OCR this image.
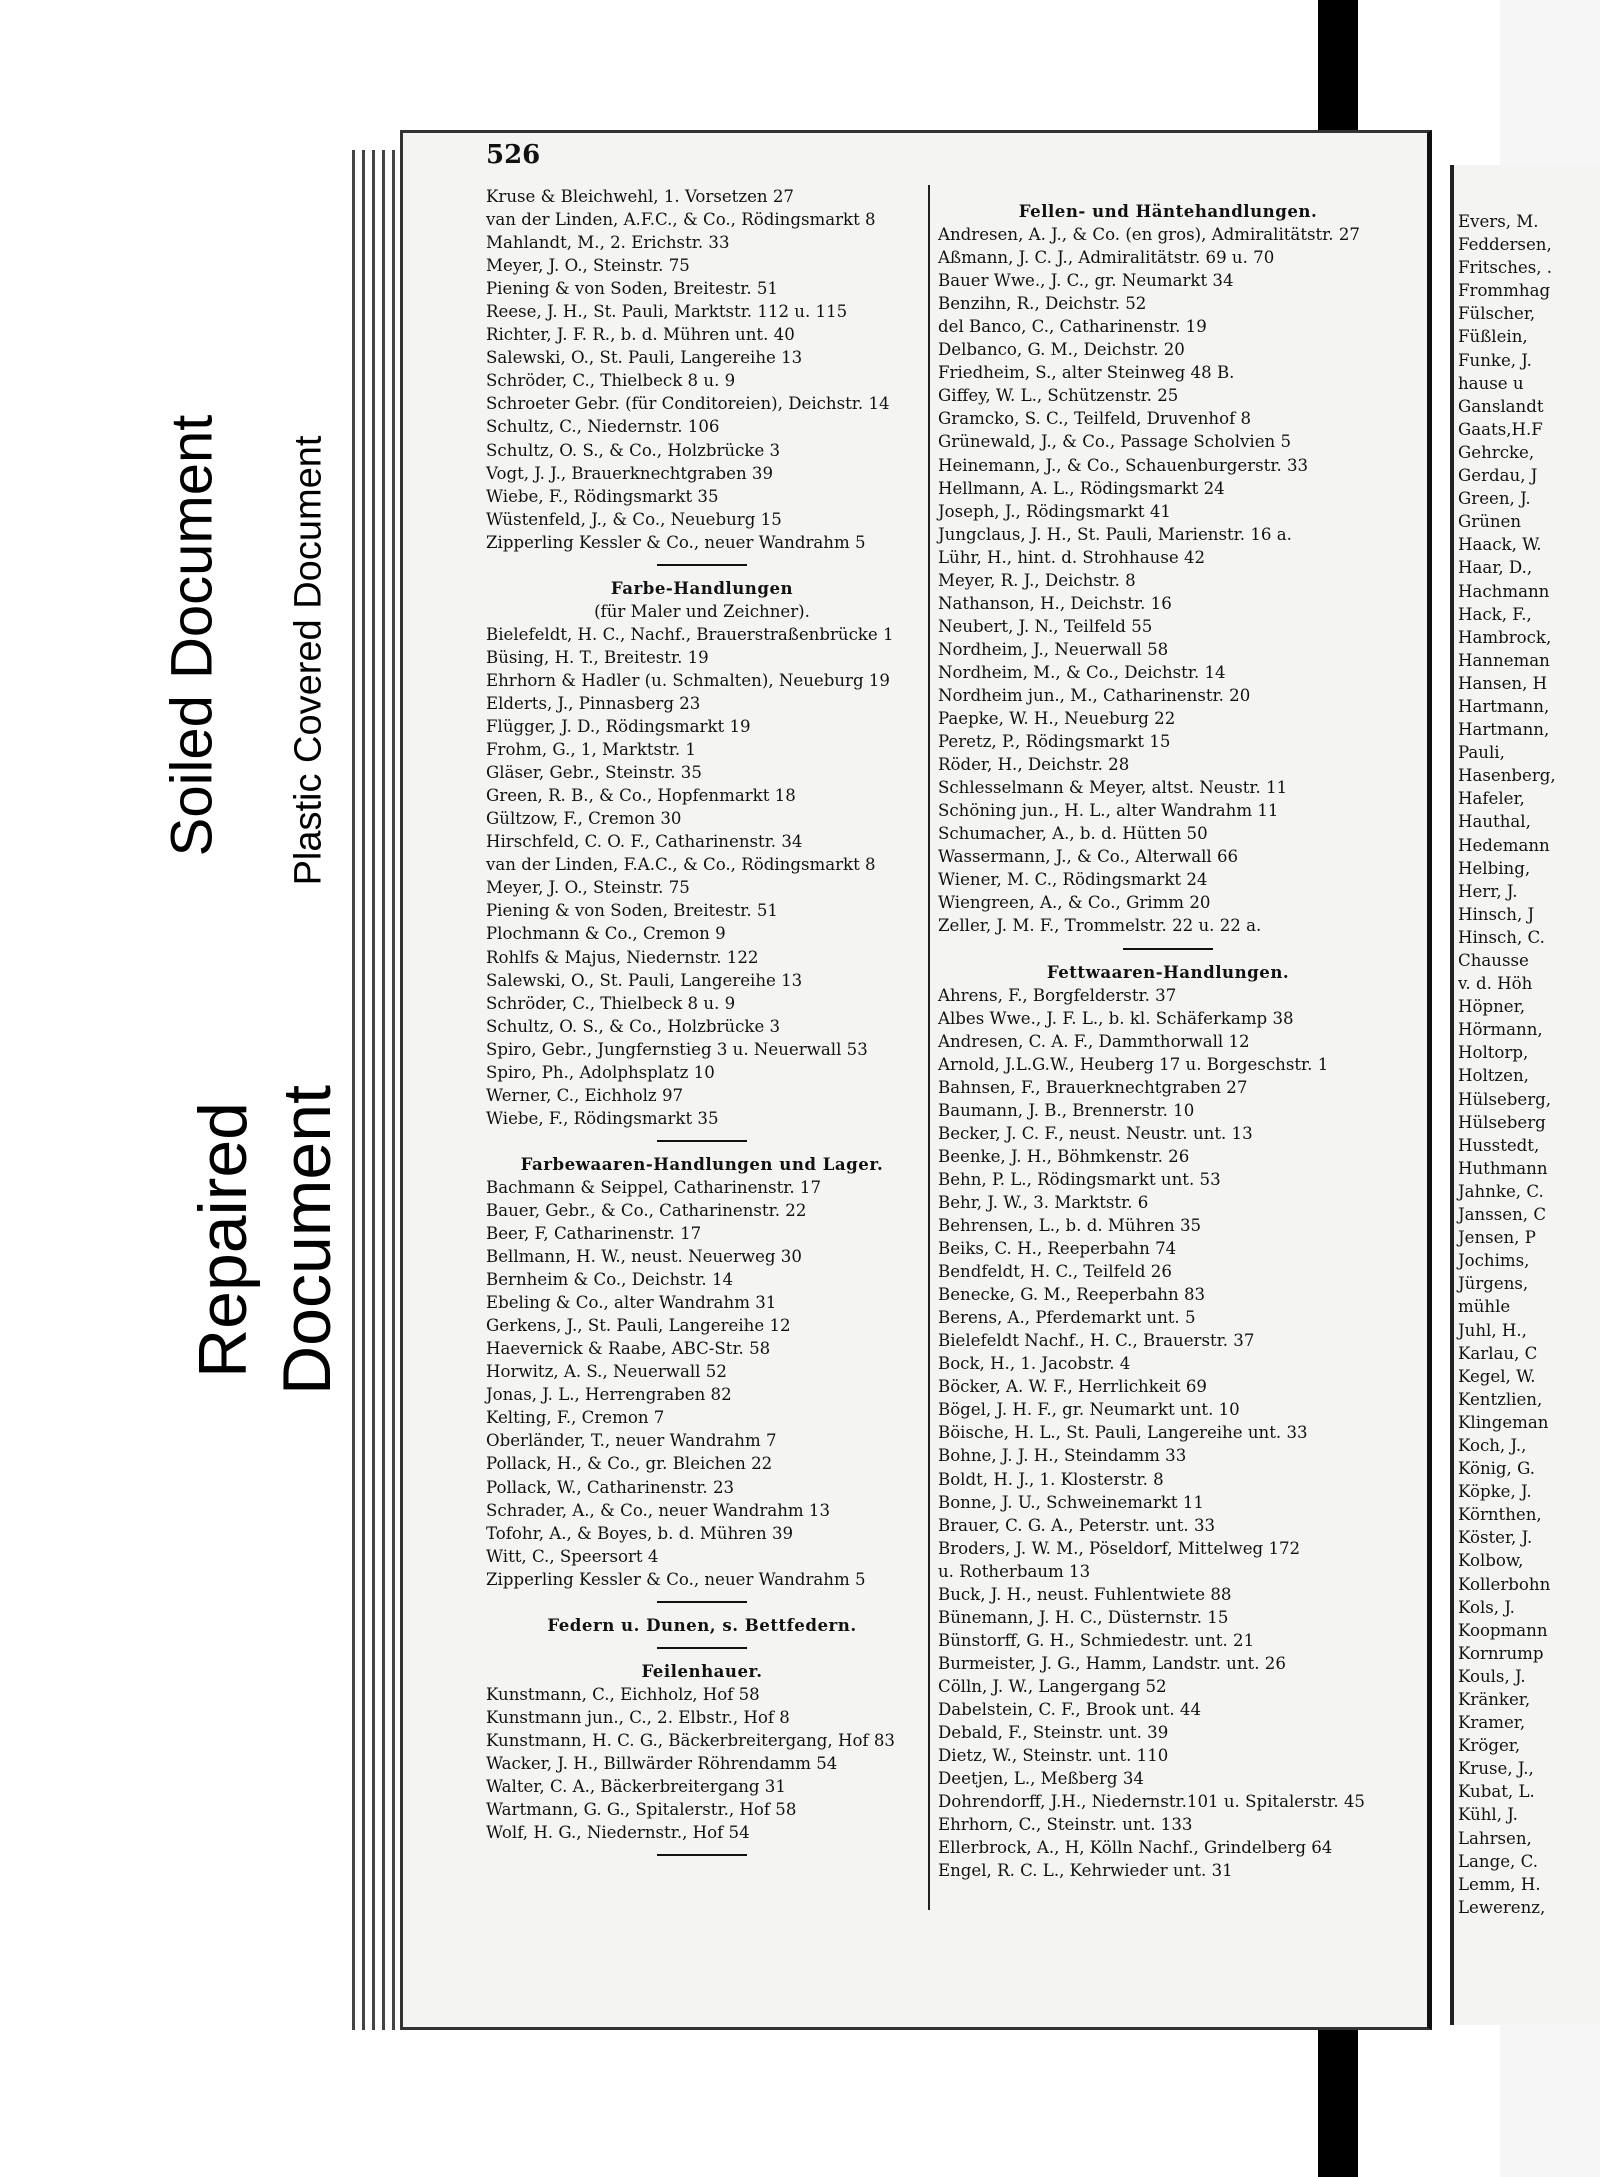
Soiled Document Plastic Covered Document
Repaired Document
526
Kruse & Bleichwehl, 1. Vorsetzen 27
van der Linden, A.F.C., & Co., Rödingsmarkt 8
Mahlandt, M., 2. Erichstr. 33
Meyer, J. O., Steinstr. 75
Piening & von Soden, Breitestr. 51
Reese, J. H., St. Pauli, Marktstr. 112 u. 115
Richter, J. F. R., b. d. Mühren unt. 40
Salewski, O., St. Pauli, Langereihe 13
Schröder, C., Thielbeck 8 u. 9
Schroeter Gebr. (für Conditoreien), Deichstr. 14
Schultz, C., Niedernstr. 106
Schultz, O. S., & Co., Holzbrücke 3
Vogt, J. J., Brauerknechtgraben 39
Wiebe, F., Rödingsmarkt 35
Wüstenfeld, J., & Co., Neueburg 15
Zipperling Kessler & Co., neuer Wandrahm 5
Farbe-Handlungen
(für Maler und Zeichner).
Bielefeldt, H. C., Nachf., Brauerstraßenbrücke 1
Büsing, H. T., Breitestr. 19
Ehrhorn & Hadler (u. Schmalten), Neueburg 19
Elderts, J., Pinnasberg 23
Flügger, J. D., Rödingsmarkt 19
Frohm, G., 1, Marktstr. 1
Gläser, Gebr., Steinstr. 35
Green, R. B., & Co., Hopfenmarkt 18
Gültzow, F., Cremon 30
Hirschfeld, C. O. F., Catharinenstr. 34
van der Linden, F.A.C., & Co., Rödingsmarkt 8
Meyer, J. O., Steinstr. 75
Piening & von Soden, Breitestr. 51
Plochmann & Co., Cremon 9
Rohlfs & Majus, Niedernstr. 122
Salewski, O., St. Pauli, Langereihe 13
Schröder, C., Thielbeck 8 u. 9
Schultz, O. S., & Co., Holzbrücke 3
Spiro, Gebr., Jungfernstieg 3 u. Neuerwall 53
Spiro, Ph., Adolphsplatz 10
Werner, C., Eichholz 97
Wiebe, F., Rödingsmarkt 35
Farbewaaren-Handlungen und Lager.
Bachmann & Seippel, Catharinenstr. 17
Bauer, Gebr., & Co., Catharinenstr. 22
Beer, F, Catharinenstr. 17
Bellmann, H. W., neust. Neuerweg 30
Bernheim & Co., Deichstr. 14
Ebeling & Co., alter Wandrahm 31
Gerkens, J., St. Pauli, Langereihe 12
Haevernick & Raabe, ABC-Str. 58
Horwitz, A. S., Neuerwall 52
Jonas, J. L., Herrengraben 82
Kelting, F., Cremon 7
Oberländer, T., neuer Wandrahm 7
Pollack, H., & Co., gr. Bleichen 22
Pollack, W., Catharinenstr. 23
Schrader, A., & Co., neuer Wandrahm 13
Tofohr, A., & Boyes, b. d. Mühren 39
Witt, C., Speersort 4
Zipperling Kessler & Co., neuer Wandrahm 5
Federn u. Dunen, s. Bettfedern.
Feilenhauer.
Kunstmann, C., Eichholz, Hof 58
Kunstmann jun., C., 2. Elbstr., Hof 8
Kunstmann, H. C. G., Bäckerbreitergang, Hof 83
Wacker, J. H., Billwärder Röhrendamm 54
Walter, C. A., Bäckerbreitergang 31
Wartmann, G. G., Spitalerstr., Hof 58
Wolf, H. G., Niedernstr., Hof 54
Fellen- und Häntehandlungen.
Andresen, A. J., & Co. (en gros), Admiralitätstr. 27
Aßmann, J. C. J., Admiralitätstr. 69 u. 70
Bauer Wwe., J. C., gr. Neumarkt 34
Benzihn, R., Deichstr. 52
del Banco, C., Catharinenstr. 19
Delbanco, G. M., Deichstr. 20
Friedheim, S., alter Steinweg 48 B.
Giffey, W. L., Schützenstr. 25
Gramcko, S. C., Teilfeld, Druvenhof 8
Grünewald, J., & Co., Passage Scholvien 5
Heinemann, J., & Co., Schauenburgerstr. 33
Hellmann, A. L., Rödingsmarkt 24
Joseph, J., Rödingsmarkt 41
Jungclaus, J. H., St. Pauli, Marienstr. 16 a.
Lühr, H., hint. d. Strohhause 42
Meyer, R. J., Deichstr. 8
Nathanson, H., Deichstr. 16
Neubert, J. N., Teilfeld 55
Nordheim, J., Neuerwall 58
Nordheim, M., & Co., Deichstr. 14
Nordheim jun., M., Catharinenstr. 20
Paepke, W. H., Neueburg 22
Peretz, P., Rödingsmarkt 15
Röder, H., Deichstr. 28
Schlesselmann & Meyer, altst. Neustr. 11
Schöning jun., H. L., alter Wandrahm 11
Schumacher, A., b. d. Hütten 50
Wassermann, J., & Co., Alterwall 66
Wiener, M. C., Rödingsmarkt 24
Wiengreen, A., & Co., Grimm 20
Zeller, J. M. F., Trommelstr. 22 u. 22 a.
Fettwaaren-Handlungen.
Ahrens, F., Borgfelderstr. 37
Albes Wwe., J. F. L., b. kl. Schäferkamp 38
Andresen, C. A. F., Dammthorwall 12
Arnold, J.L.G.W., Heuberg 17 u. Borgeschstr. 1
Bahnsen, F., Brauerknechtgraben 27
Baumann, J. B., Brennerstr. 10
Becker, J. C. F., neust. Neustr. unt. 13
Beenke, J. H., Böhmkenstr. 26
Behn, P. L., Rödingsmarkt unt. 53
Behr, J. W., 3. Marktstr. 6
Behrensen, L., b. d. Mühren 35
Beiks, C. H., Reeperbahn 74
Bendfeldt, H. C., Teilfeld 26
Benecke, G. M., Reeperbahn 83
Berens, A., Pferdemarkt unt. 5
Bielefeldt Nachf., H. C., Brauerstr. 37
Bock, H., 1. Jacobstr. 4
Böcker, A. W. F., Herrlichkeit 69
Bögel, J. H. F., gr. Neumarkt unt. 10
Böische, H. L., St. Pauli, Langereihe unt. 33
Bohne, J. J. H., Steindamm 33
Boldt, H. J., 1. Klosterstr. 8
Bonne, J. U., Schweinemarkt 11
Brauer, C. G. A., Peterstr. unt. 33
Broders, J. W. M., Pöseldorf, Mittelweg 172
u. Rotherbaum 13
Buck, J. H., neust. Fuhlentwiete 88
Bünemann, J. H. C., Düsternstr. 15
Bünstorff, G. H., Schmiedestr. unt. 21
Burmeister, J. G., Hamm, Landstr. unt. 26
Cölln, J. W., Langergang 52
Dabelstein, C. F., Brook unt. 44
Debald, F., Steinstr. unt. 39
Dietz, W., Steinstr. unt. 110
Deetjen, L., Meßberg 34
Dohrendorff, J.H., Niedernstr.101 u. Spitalerstr. 45
Ehrhorn, C., Steinstr. unt. 133
Ellerbrock, A., H, Kölln Nachf., Grindelberg 64
Engel, R. C. L., Kehrwieder unt. 31
Evers, M.
Feddersen,
Fritsches, .
Frommhag
Fülscher,
Füßlein,
Funke, J.
hause u
Ganslandt
Gaats,H.F
Gehrcke,
Gerdau, J
Green, J.
Grünen
Haack, W.
Haar, D.,
Hachmann
Hack, F.,
Hambrock,
Hanneman
Hansen, H
Hartmann,
Hartmann,
Pauli,
Hasenberg,
Hafeler,
Hauthal,
Hedemann
Helbing,
Herr, J.
Hinsch, J
Hinsch, C.
Chausse
v. d. Höh
Höpner,
Hörmann,
Holtorp,
Holtzen,
Hülseberg,
Hülseberg
Husstedt,
Huthmann
Jahnke, C.
Janssen, C
Jensen, P
Jochims,
Jürgens,
mühle
Juhl, H.,
Karlau, C
Kegel, W.
Kentzlien,
Klingeman
Koch, J.,
König, G.
Köpke, J.
Körnthen,
Köster, J.
Kolbow,
Kollerbohn
Kols, J.
Koopmann
Kornrump
Kouls, J.
Kränker,
Kramer,
Kröger,
Kruse, J.,
Kubat, L.
Kühl, J.
Lahrsen,
Lange, C.
Lemm, H.
Lewerenz,
